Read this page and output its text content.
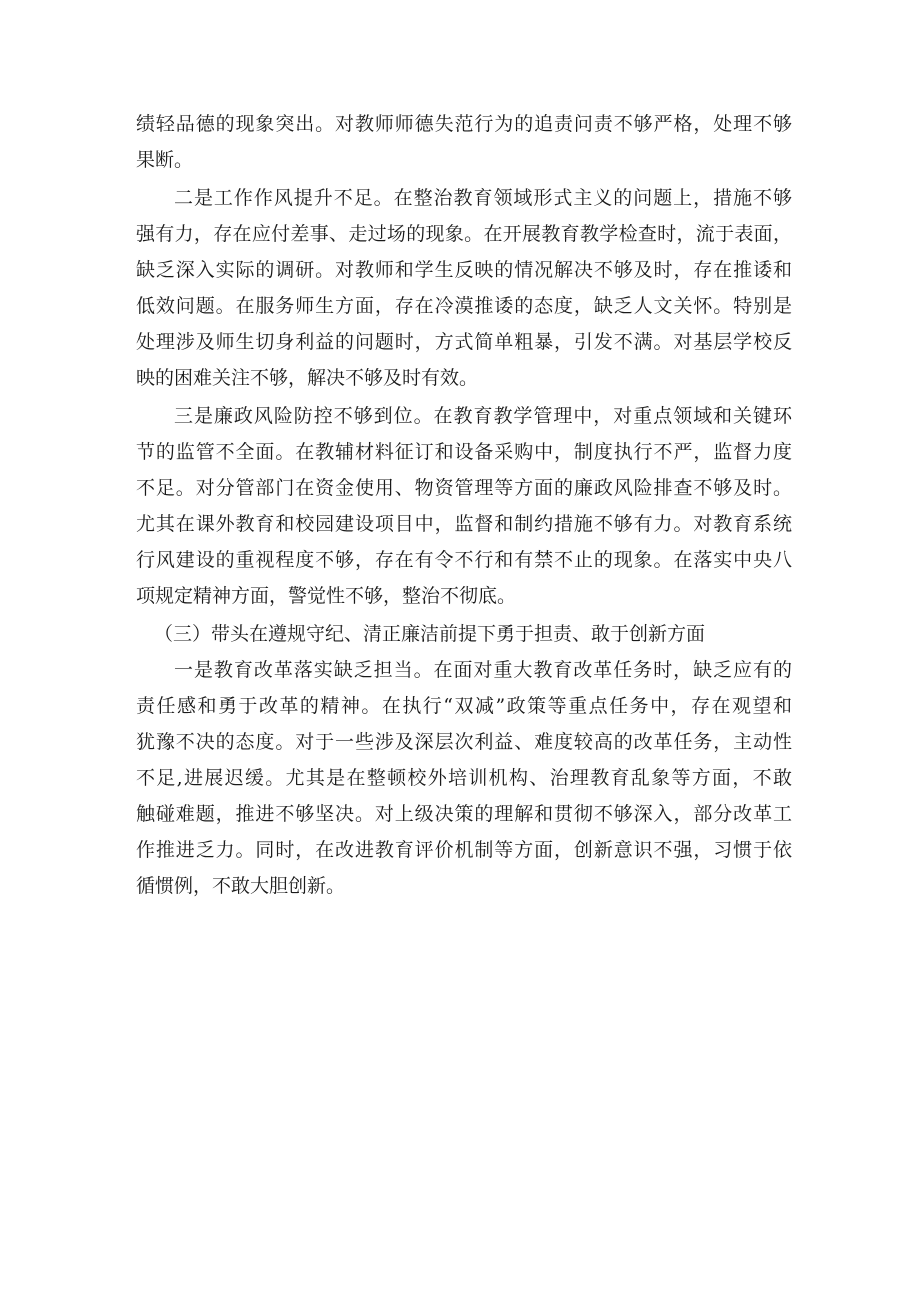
绩轻品德的现象突出。对教师师德失范行为的追责问责不够严格，处理不够
果断。
二是工作作风提升不足。在整治教育领域形式主义的问题上，措施不够
强有力，存在应付差事、走过场的现象。在开展教育教学检查时，流于表面，
缺乏深入实际的调研。对教师和学生反映的情况解决不够及时，存在推诿和
低效问题。在服务师生方面，存在冷漠推诿的态度，缺乏人文关怀。特别是
处理涉及师生切身利益的问题时，方式简单粗暴，引发不满。对基层学校反
映的困难关注不够，解决不够及时有效。
三是廉政风险防控不够到位。在教育教学管理中，对重点领域和关键环
节的监管不全面。在教辅材料征订和设备采购中，制度执行不严，监督力度
不足。对分管部门在资金使用、物资管理等方面的廉政风险排查不够及时。
尤其在课外教育和校园建设项目中，监督和制约措施不够有力。对教育系统
行风建设的重视程度不够，存在有令不行和有禁不止的现象。在落实中央八
项规定精神方面，警觉性不够，整治不彻底。
（三）带头在遵规守纪、清正廉洁前提下勇于担责、敢于创新方面
一是教育改革落实缺乏担当。在面对重大教育改革任务时，缺乏应有的
责任感和勇于改革的精神。在执行“双减”政策等重点任务中，存在观望和
犹豫不决的态度。对于一些涉及深层次利益、难度较高的改革任务，主动性
不足,进展迟缓。尤其是在整顿校外培训机构、治理教育乱象等方面，不敢
触碰难题，推进不够坚决。对上级决策的理解和贯彻不够深入，部分改革工
作推进乏力。同时，在改进教育评价机制等方面，创新意识不强，习惯于依
循惯例，不敢大胆创新。
